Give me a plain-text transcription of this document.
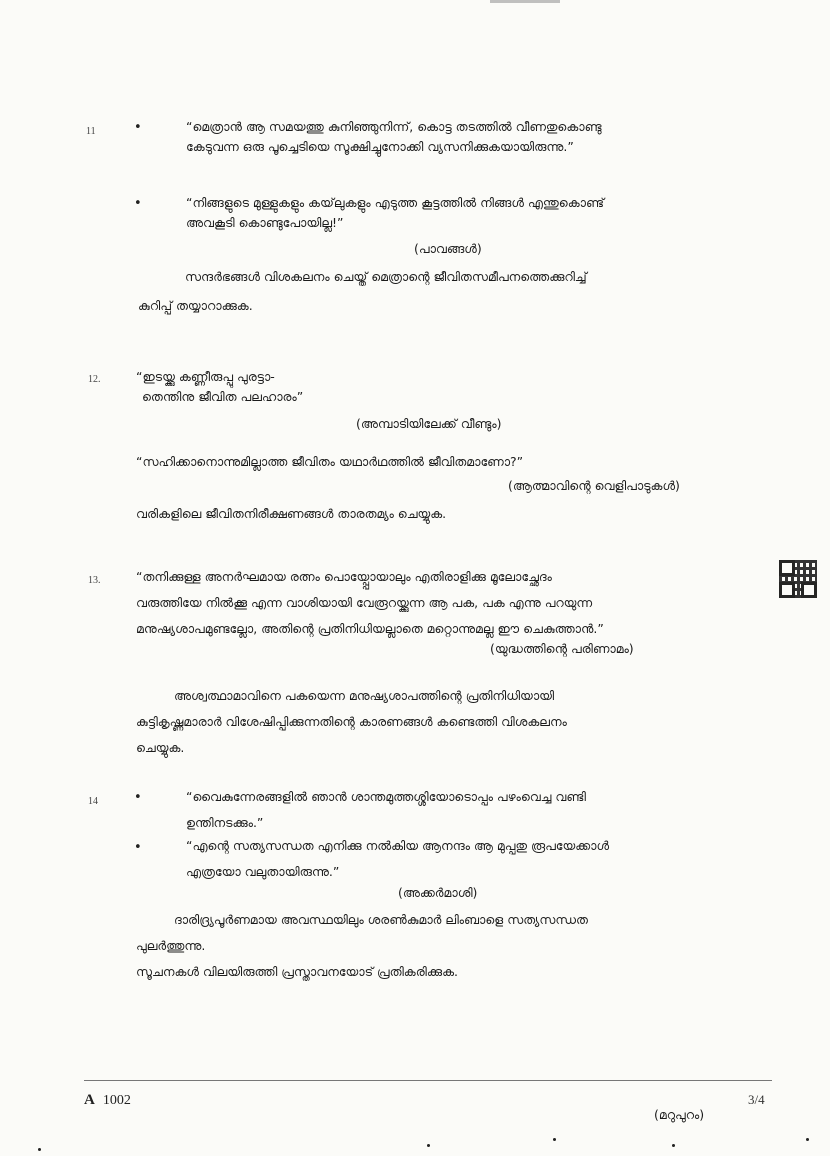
11	•	“മെത്രാൻ ആ സമയത്തു കുനിഞ്ഞുനിന്ന്, കൊട്ട തടത്തിൽ വീണതുകൊണ്ടു
കേടുവന്ന ഒരു പൂച്ചെടിയെ സൂക്ഷിച്ചുനോക്കി വ്യസനിക്കുകയായിരുന്നു.”
•	“നിങ്ങളുടെ മുള്ളുകളും കയ്‌ലുകളും എടുത്ത കൂട്ടത്തിൽ നിങ്ങൾ എന്തുകൊണ്ട്
അവകൂടി കൊണ്ടുപോയില്ല!”
(പാവങ്ങൾ)
സന്ദർഭങ്ങൾ വിശകലനം ചെയ്ത് മെത്രാന്റെ ജീവിതസമീപനത്തെക്കുറിച്ച്
കുറിപ്പ് തയ്യാറാക്കുക.
12.	“ഇടയ്ക്കു കണ്ണീരുപ്പു പുരട്ടാ-
തെന്തിനു ജീവിത പലഹാരം”
(അമ്പാടിയിലേക്ക് വീണ്ടും)
“സഹിക്കാനൊന്നുമില്ലാത്ത ജീവിതം യഥാർഥത്തിൽ ജീവിതമാണോ?”
(ആത്മാവിന്റെ വെളിപാടുകൾ)
വരികളിലെ ജീവിതനിരീക്ഷണങ്ങൾ താരതമ്യം ചെയ്യുക.
13.	“തനിക്കുള്ള അനർഘമായ രത്നം പൊയ്പ്പോയാലും എതിരാളിക്കു മൂലോച്ഛേദം
വരുത്തിയേ നിൽക്കൂ എന്ന വാശിയായി വേരൂറയ്ക്കുന്ന ആ പക, പക എന്നു പറയുന്ന
മനുഷ്യശാപമുണ്ടല്ലോ, അതിന്റെ പ്രതിനിധിയല്ലാതെ മറ്റൊന്നുമല്ല ഈ ചെകുത്താൻ.”
(യുദ്ധത്തിന്റെ പരിണാമം)
അശ്വത്ഥാമാവിനെ പകയെന്ന മനുഷ്യശാപത്തിന്റെ പ്രതിനിധിയായി
കുട്ടികൃഷ്ണമാരാർ വിശേഷിപ്പിക്കുന്നതിന്റെ കാരണങ്ങൾ കണ്ടെത്തി വിശകലനം
ചെയ്യുക.
14	•	“വൈകുന്നേരങ്ങളിൽ ഞാൻ ശാന്തമുത്തശ്ശിയോടൊപ്പം പഴംവെച്ച വണ്ടി
ഉന്തിനടക്കും.”
•	“എന്റെ സത്യസന്ധത എനിക്കു നൽകിയ ആനന്ദം ആ മുപ്പതു രൂപയേക്കാൾ
എത്രയോ വലുതായിരുന്നു.”
(അക്കർമാശി)
ദാരിദ്ര്യപൂർണമായ അവസ്ഥയിലും ശരൺകുമാർ ലിംബാളെ സത്യസന്ധത
പുലർത്തുന്നു.
സൂചനകൾ വിലയിരുത്തി പ്രസ്താവനയോട് പ്രതികരിക്കുക.
A 1002	3/4
(മറുപുറം)
